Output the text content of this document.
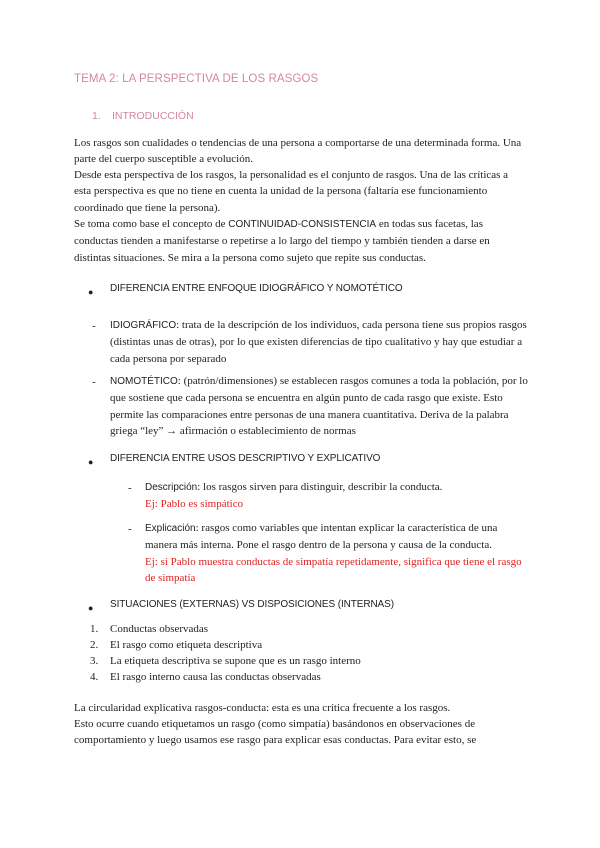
TEMA 2: LA PERSPECTIVA DE LOS RASGOS
1. INTRODUCCIÓN
Los rasgos son cualidades o tendencias de una persona a comportarse de una determinada forma. Una parte del cuerpo susceptible a evolución.
Desde esta perspectiva de los rasgos, la personalidad es el conjunto de rasgos. Una de las críticas a esta perspectiva es que no tiene en cuenta la unidad de la persona (faltaría ese funcionamiento coordinado que tiene la persona).
Se toma como base el concepto de CONTINUIDAD-CONSISTENCIA en todas sus facetas, las conductas tienden a manifestarse o repetirse a lo largo del tiempo y también tienden a darse en distintas situaciones. Se mira a la persona como sujeto que repite sus conductas.
● DIFERENCIA ENTRE ENFOQUE IDIOGRÁFICO Y NOMOTÉTICO
- IDIOGRÁFICO: trata de la descripción de los individuos, cada persona tiene sus propios rasgos (distintas unas de otras), por lo que existen diferencias de tipo cualitativo y hay que estudiar a cada persona por separado
- NOMOTÉTICO: (patrón/dimensiones) se establecen rasgos comunes a toda la población, por lo que sostiene que cada persona se encuentra en algún punto de cada rasgo que existe. Esto permite las comparaciones entre personas de una manera cuantitativa. Deriva de la palabra griega “ley” → afirmación o establecimiento de normas
● DIFERENCIA ENTRE USOS DESCRIPTIVO Y EXPLICATIVO
- Descripción: los rasgos sirven para distinguir, describir la conducta.
Ej: Pablo es simpático
- Explicación: rasgos como variables que intentan explicar la característica de una manera más interna. Pone el rasgo dentro de la persona y causa de la conducta.
Ej: si Pablo muestra conductas de simpatía repetidamente, significa que tiene el rasgo de simpatía
● SITUACIONES (EXTERNAS) VS DISPOSICIONES (INTERNAS)
1. Conductas observadas
2. El rasgo como etiqueta descriptiva
3. La etiqueta descriptiva se supone que es un rasgo interno
4. El rasgo interno causa las conductas observadas
La circularidad explicativa rasgos-conducta: esta es una crítica frecuente a los rasgos.
Esto ocurre cuando etiquetamos un rasgo (como simpatía) basándonos en observaciones de comportamiento y luego usamos ese rasgo para explicar esas conductas. Para evitar esto, se
